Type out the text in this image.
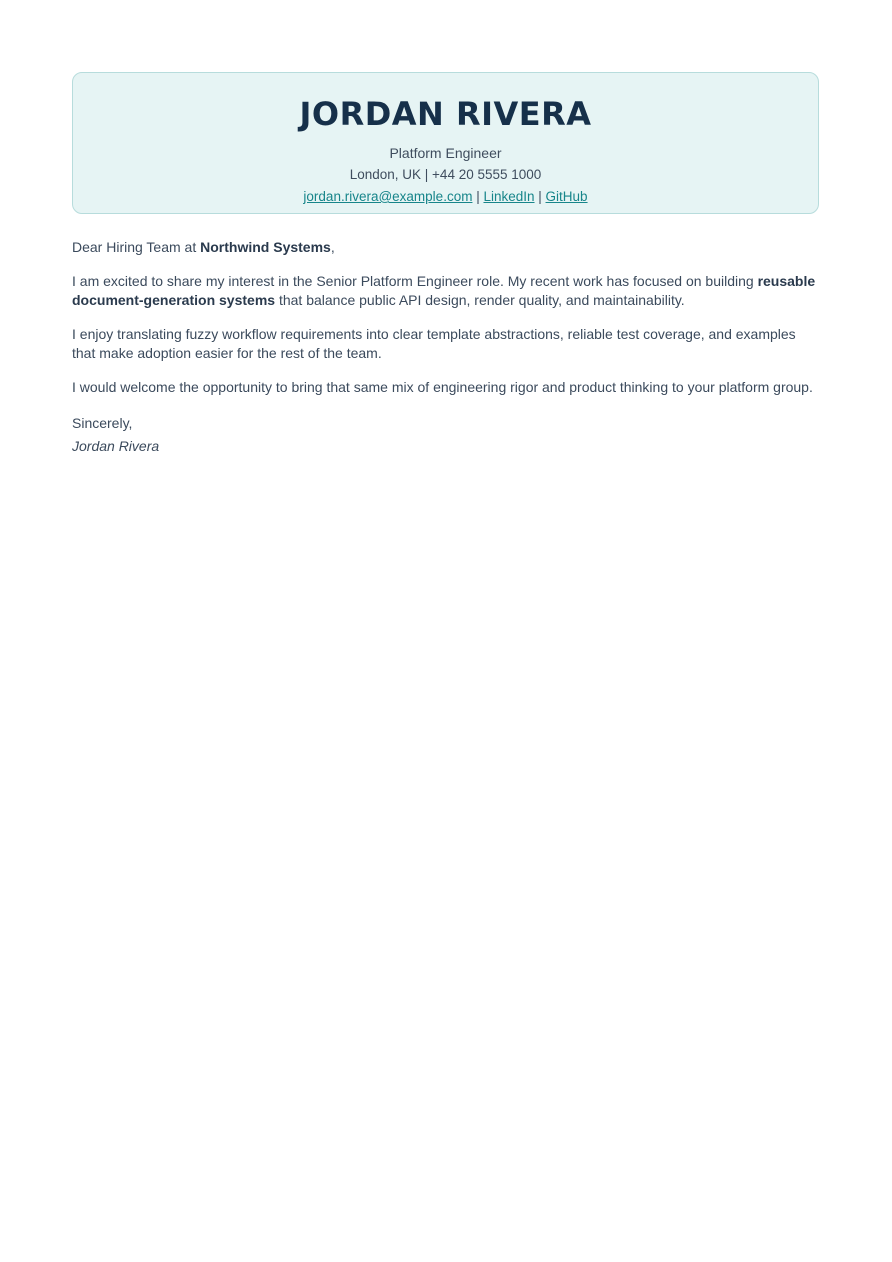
JORDAN RIVERA
Platform Engineer
London, UK | +44 20 5555 1000
jordan.rivera@example.com | LinkedIn | GitHub

Dear Hiring Team at Northwind Systems,

I am excited to share my interest in the Senior Platform Engineer role. My recent work has focused on building reusable document-generation systems that balance public API design, render quality, and maintainability.

I enjoy translating fuzzy workflow requirements into clear template abstractions, reliable test coverage, and examples that make adoption easier for the rest of the team.

I would welcome the opportunity to bring that same mix of engineering rigor and product thinking to your platform group.

Sincerely,
Jordan Rivera
